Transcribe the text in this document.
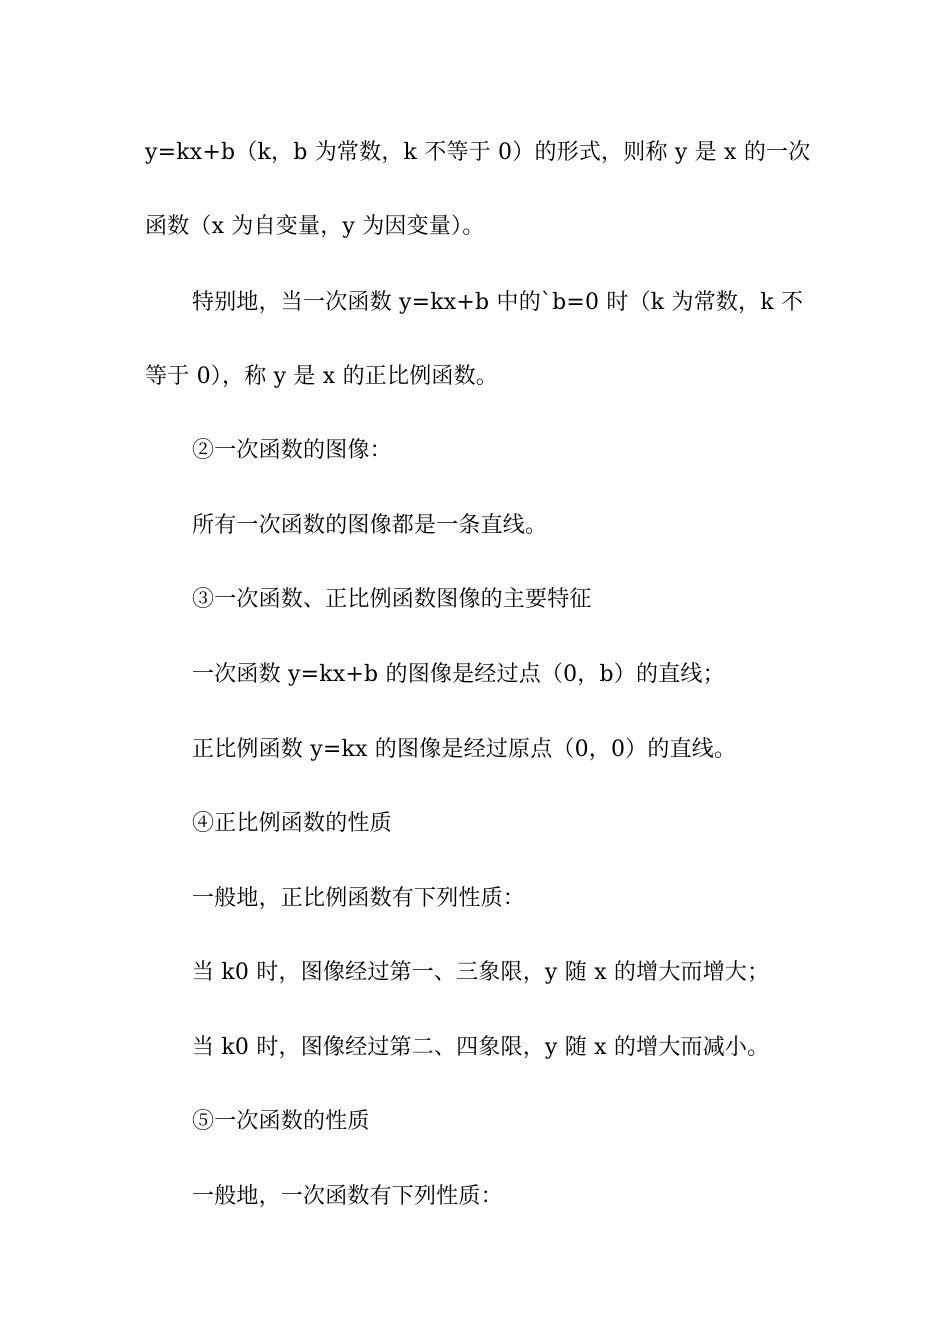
y=kx+b（k，b 为常数，k 不等于 0）的形式，则称 y 是 x 的一次
函数（x 为自变量，y 为因变量）。
特别地，当一次函数 y=kx+b 中的`b=0 时（k 为常数，k 不
等于 0），称 y 是 x 的正比例函数。
②一次函数的图像：
所有一次函数的图像都是一条直线。
③一次函数、正比例函数图像的主要特征
一次函数 y=kx+b 的图像是经过点（0，b）的直线；
正比例函数 y=kx 的图像是经过原点（0，0）的直线。
④正比例函数的性质
一般地，正比例函数有下列性质：
当 k0 时，图像经过第一、三象限，y 随 x 的增大而增大；
当 k0 时，图像经过第二、四象限，y 随 x 的增大而减小。
⑤一次函数的性质
一般地，一次函数有下列性质：
